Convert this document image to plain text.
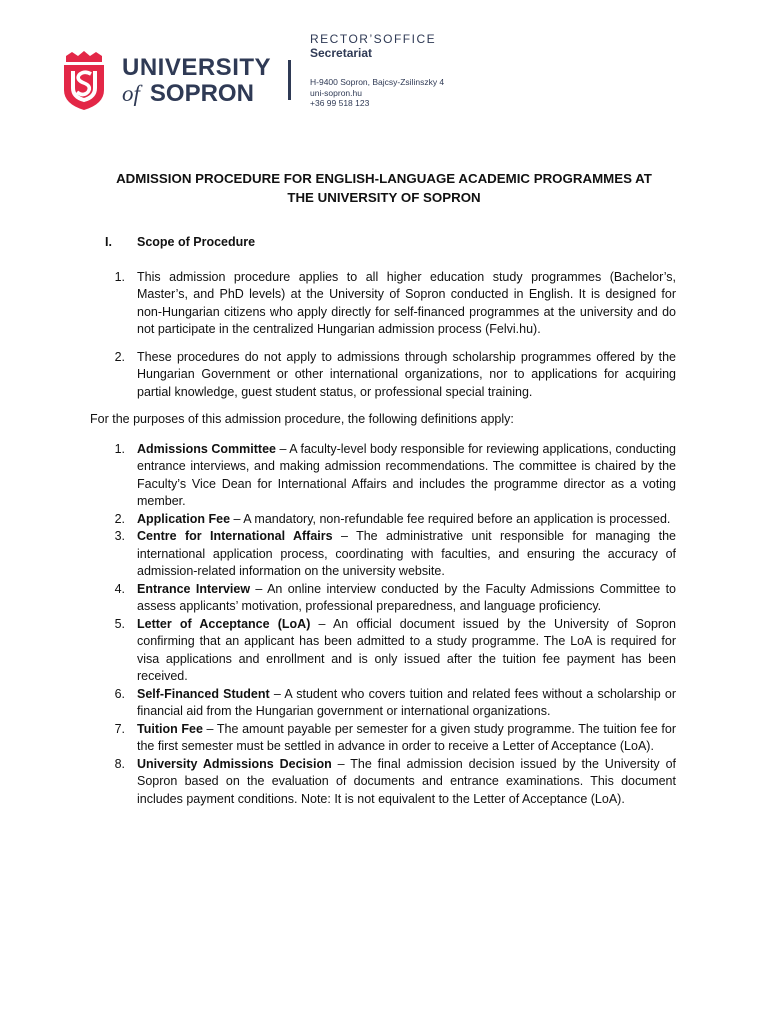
UNIVERSITY
of SOPRON
RECTOR’SOFFICE
Secretariat
H-9400 Sopron, Bajcsy-Zsilinszky 4
uni-sopron.hu
+36 99 518 123
ADMISSION PROCEDURE FOR ENGLISH-LANGUAGE ACADEMIC PROGRAMMES AT
THE UNIVERSITY OF SOPRON
I.	Scope of Procedure
1. This admission procedure applies to all higher education study programmes (Bachelor’s, Master’s, and PhD levels) at the University of Sopron conducted in English. It is designed for non-Hungarian citizens who apply directly for self-financed programmes at the university and do not participate in the centralized Hungarian admission process (Felvi.hu).
2. These procedures do not apply to admissions through scholarship programmes offered by the Hungarian Government or other international organizations, nor to applications for acquiring partial knowledge, guest student status, or professional special training.
For the purposes of this admission procedure, the following definitions apply:
1. Admissions Committee – A faculty-level body responsible for reviewing applications, conducting entrance interviews, and making admission recommendations. The committee is chaired by the Faculty’s Vice Dean for International Affairs and includes the programme director as a voting member.
2. Application Fee – A mandatory, non-refundable fee required before an application is processed.
3. Centre for International Affairs – The administrative unit responsible for managing the international application process, coordinating with faculties, and ensuring the accuracy of admission-related information on the university website.
4. Entrance Interview – An online interview conducted by the Faculty Admissions Committee to assess applicants’ motivation, professional preparedness, and language proficiency.
5. Letter of Acceptance (LoA) – An official document issued by the University of Sopron confirming that an applicant has been admitted to a study programme. The LoA is required for visa applications and enrollment and is only issued after the tuition fee payment has been received.
6. Self-Financed Student – A student who covers tuition and related fees without a scholarship or financial aid from the Hungarian government or international organizations.
7. Tuition Fee – The amount payable per semester for a given study programme. The tuition fee for the first semester must be settled in advance in order to receive a Letter of Acceptance (LoA).
8. University Admissions Decision – The final admission decision issued by the University of Sopron based on the evaluation of documents and entrance examinations. This document includes payment conditions. Note: It is not equivalent to the Letter of Acceptance (LoA).
